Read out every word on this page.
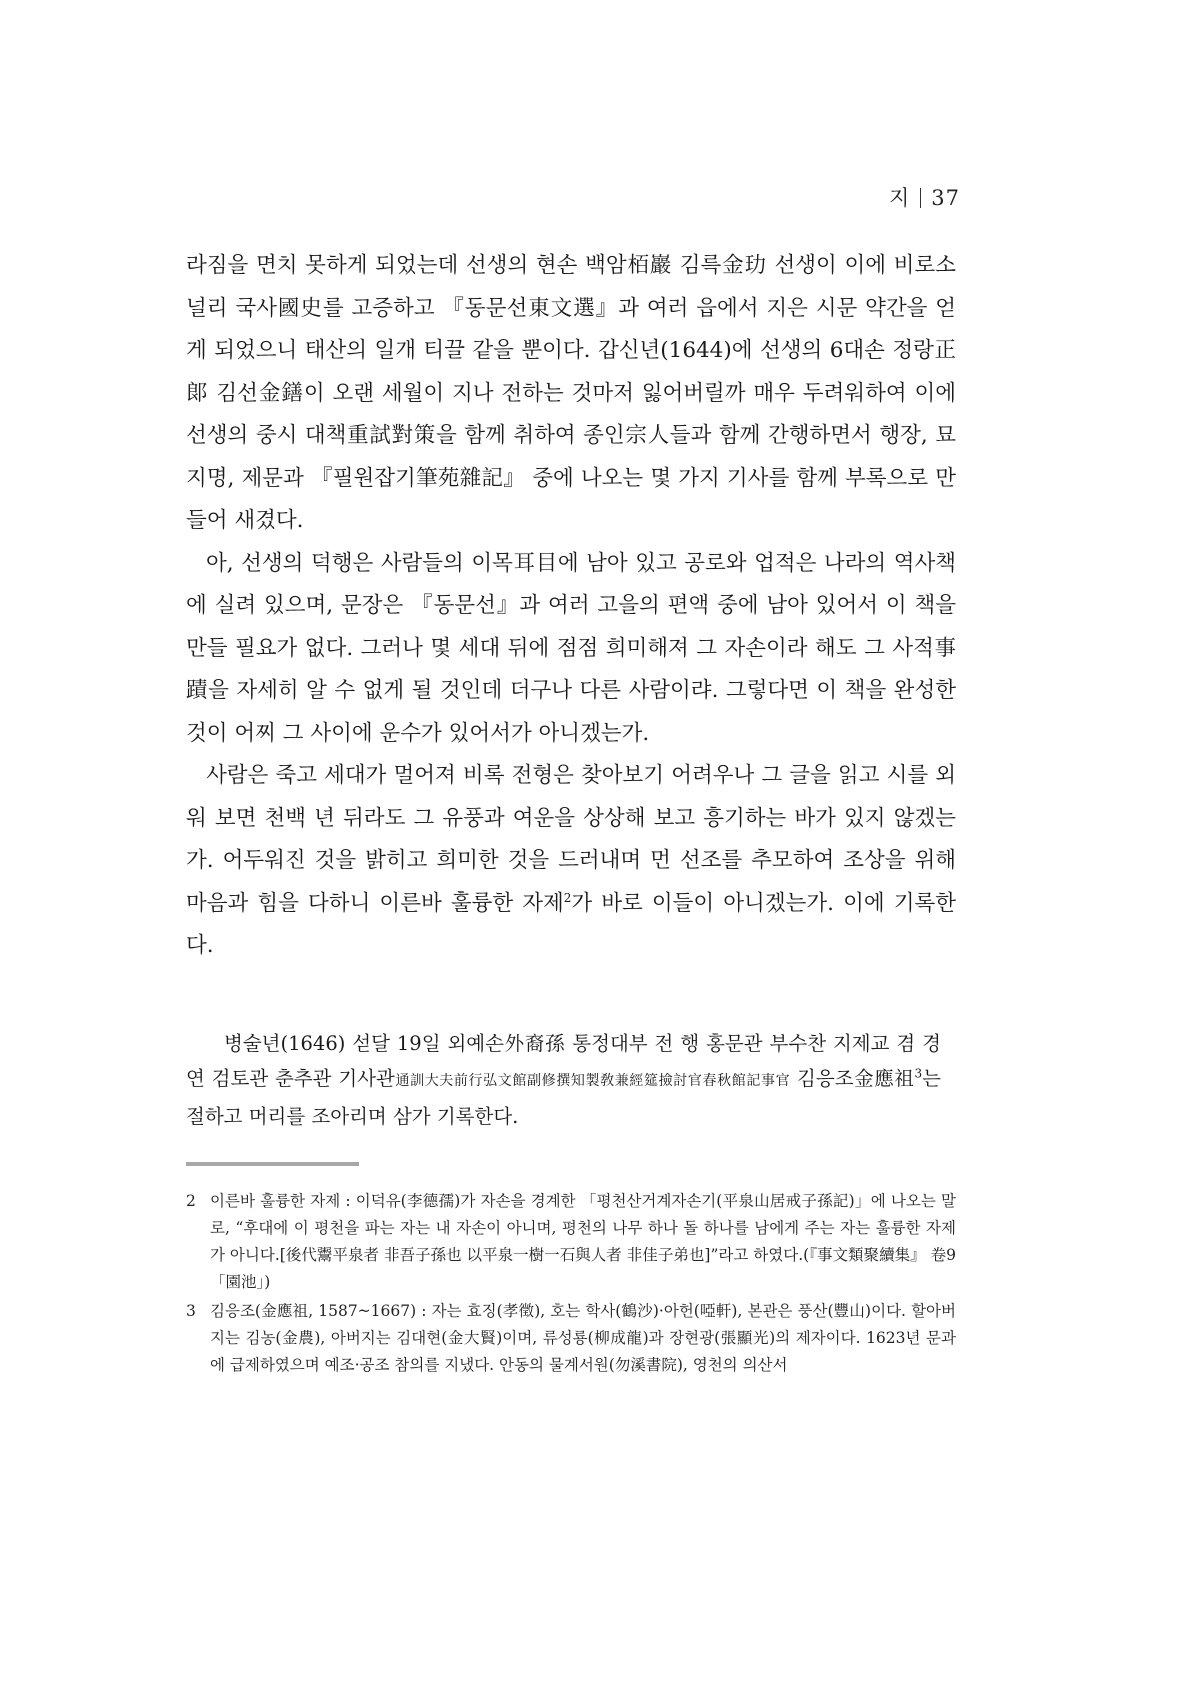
지 37

라짐을 면치 못하게 되었는데 선생의 현손 백암栢巖 김륵金玏 선생이 이에 비로소 널리 국사國史를 고증하고 『동문선東文選』과 여러 읍에서 지은 시문 약간을 얻게 되었으니 태산의 일개 티끌 같을 뿐이다. 갑신년(1644)에 선생의 6대손 정랑正郞 김선金鐥이 오랜 세월이 지나 전하는 것마저 잃어버릴까 매우 두려워하여 이에 선생의 중시 대책重試對策을 함께 취하여 종인宗人들과 함께 간행하면서 행장, 묘지명, 제문과 『필원잡기筆苑雜記』 중에 나오는 몇 가지 기사를 함께 부록으로 만들어 새겼다.

아, 선생의 덕행은 사람들의 이목耳目에 남아 있고 공로와 업적은 나라의 역사책에 실려 있으며, 문장은 『동문선』과 여러 고을의 편액 중에 남아 있어서 이 책을 만들 필요가 없다. 그러나 몇 세대 뒤에 점점 희미해져 그 자손이라 해도 그 사적事蹟을 자세히 알 수 없게 될 것인데 더구나 다른 사람이랴. 그렇다면 이 책을 완성한 것이 어찌 그 사이에 운수가 있어서가 아니겠는가.

사람은 죽고 세대가 멀어져 비록 전형은 찾아보기 어려우나 그 글을 읽고 시를 외워 보면 천백 년 뒤라도 그 유풍과 여운을 상상해 보고 흥기하는 바가 있지 않겠는가. 어두워진 것을 밝히고 희미한 것을 드러내며 먼 선조를 추모하여 조상을 위해 마음과 힘을 다하니 이른바 훌륭한 자제$^2$가 바로 이들이 아니겠는가. 이에 기록한다.

병술년(1646) 섣달 19일 외예손外裔孫 통정대부 전 행 홍문관 부수찬 지제교 겸 경연 검토관 춘추관 기사관通訓大夫前行弘文館副修撰知製敎兼經筵撿討官春秋館記事官 김응조金應祖$^3$는 절하고 머리를 조아리며 삼가 기록한다.
2 이른바 훌륭한 자제 : 이덕유(李德孺)가 자손을 경계한 「평천산거계자손기(平泉山居戒子孫記)」에 나오는 말로, “후대에 이 평천을 파는 자는 내 자손이 아니며, 평천의 나무 하나 돌 하나를 남에게 주는 자는 훌륭한 자제가 아니다.[後代鬻平泉者 非吾子孫也 以平泉一樹一石與人者 非佳子弟也]”라고 하였다.(『事文類聚續集』 卷9 「園池」)
3 김응조(金應祖, 1587~1667) : 자는 효징(孝徵), 호는 학사(鶴沙)·아헌(啞軒), 본관은 풍산(豐山)이다. 할아버지는 김농(金農), 아버지는 김대현(金大賢)이며, 류성룡(柳成龍)과 장현광(張顯光)의 제자이다. 1623년 문과에 급제하였으며 예조·공조 참의를 지냈다. 안동의 물계서원(勿溪書院), 영천의 의산서
